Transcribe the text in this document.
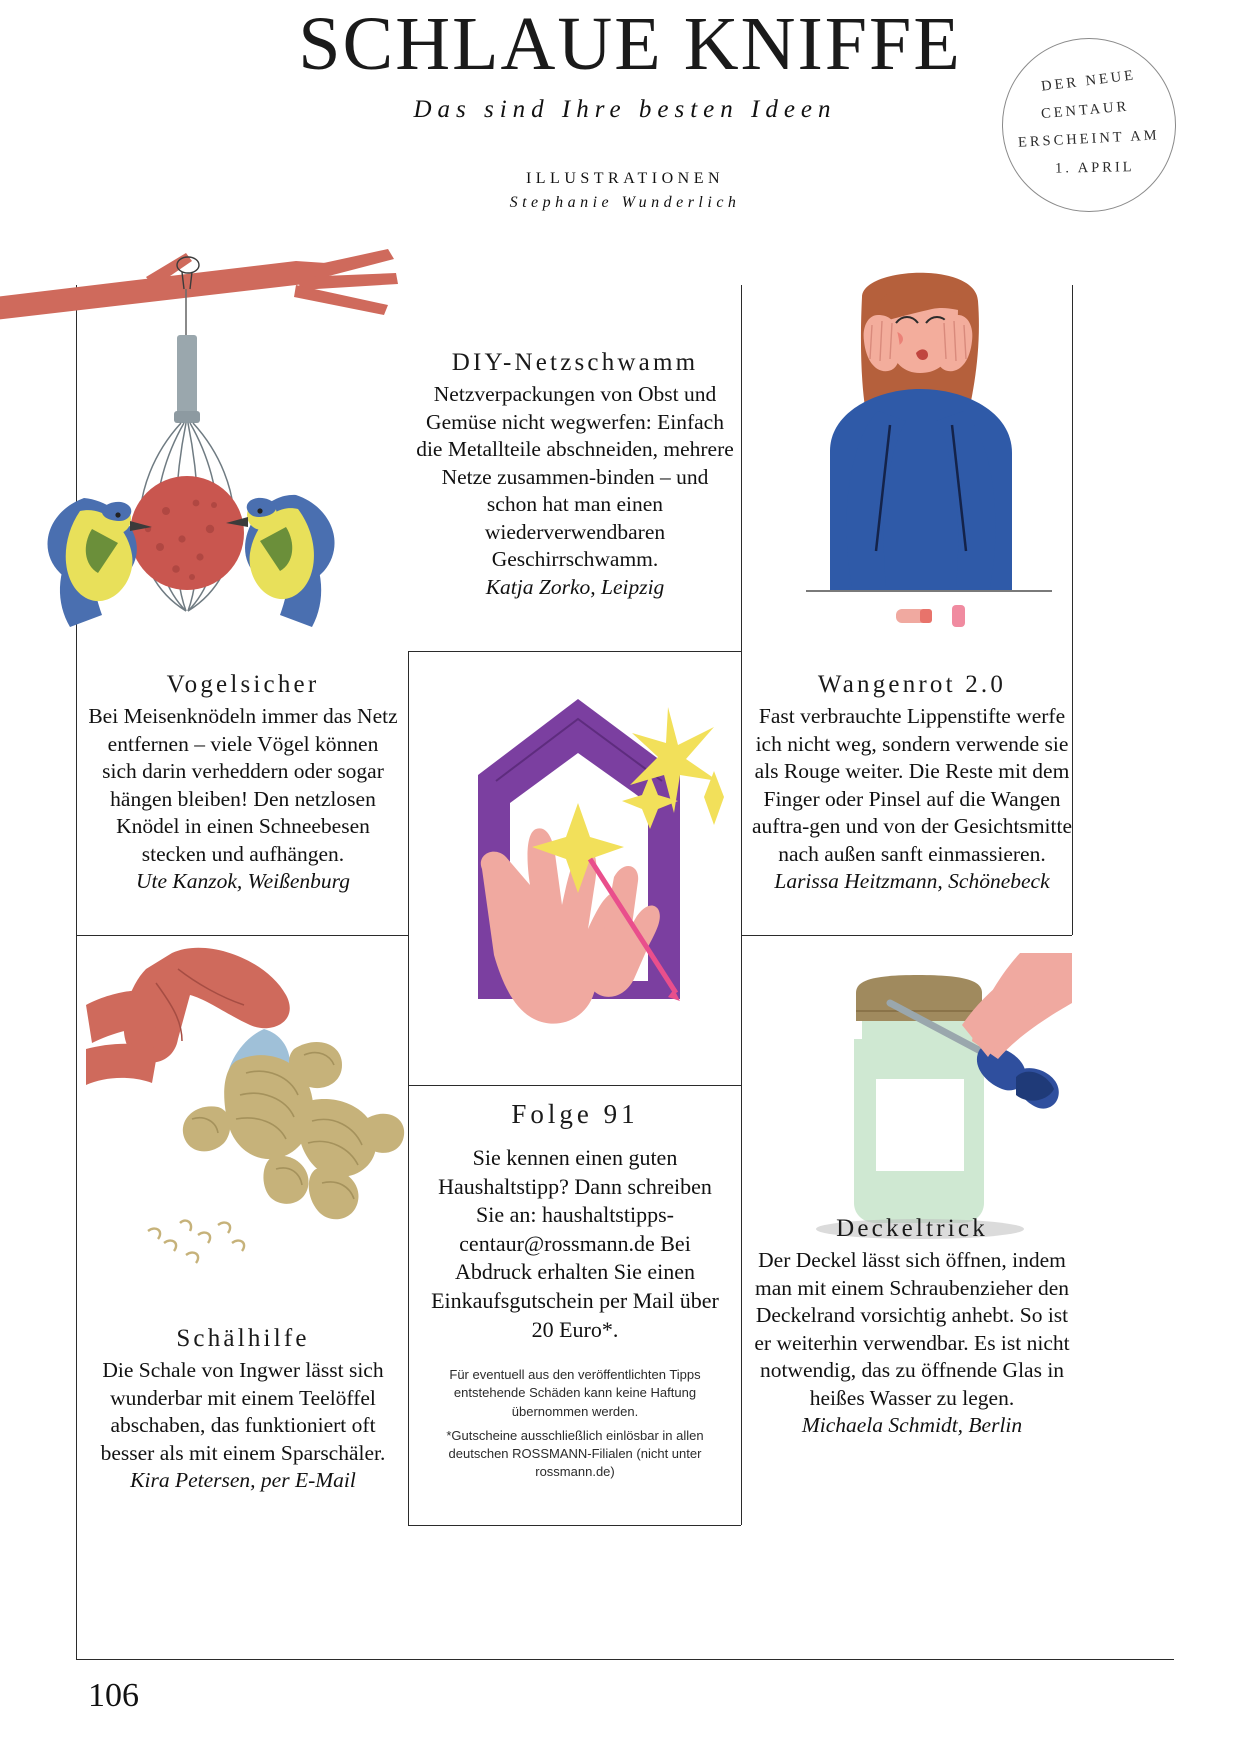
SCHLAUE KNIFFE
Das sind Ihre besten Ideen
ILLUSTRATIONEN
Stephanie Wunderlich
DER NEUE
CENTAUR
ERSCHEINT AM
1. APRIL
DIY-Netzschwamm
Netzverpackungen von Obst und Gemüse nicht wegwerfen: Einfach die Metallteile abschneiden, mehrere Netze zusammen-binden – und schon hat man einen wiederverwendbaren Geschirrschwamm.
Katja Zorko, Leipzig
Vogelsicher
Bei Meisenknödeln immer das Netz entfernen – viele Vögel können sich darin verheddern oder sogar hängen bleiben! Den netzlosen Knödel in einen Schneebesen stecken und aufhängen.
Ute Kanzok, Weißenburg
Wangenrot 2.0
Fast verbrauchte Lippenstifte werfe ich nicht weg, sondern verwende sie als Rouge weiter. Die Reste mit dem Finger oder Pinsel auf die Wangen auftra-gen und von der Gesichtsmitte nach außen sanft einmassieren.
Larissa Heitzmann, Schönebeck
Schälhilfe
Die Schale von Ingwer lässt sich wunderbar mit einem Teelöffel abschaben, das funktioniert oft besser als mit einem Sparschäler.
Kira Petersen, per E-Mail
Folge 91
Sie kennen einen guten Haushaltstipp? Dann schreiben Sie an: haushaltstipps-centaur@rossmann.de Bei Abdruck erhalten Sie einen Einkaufsgutschein per Mail über 20 Euro*.
Für eventuell aus den veröffentlichten Tipps entstehende Schäden kann keine Haftung übernommen werden.
*Gutscheine ausschließlich einlösbar in allen deutschen ROSSMANN-Filialen (nicht unter rossmann.de)
Deckeltrick
Der Deckel lässt sich öffnen, indem man mit einem Schraubenzieher den Deckelrand vorsichtig anhebt. So ist er weiterhin verwendbar. Es ist nicht notwendig, das zu öffnende Glas in heißes Wasser zu legen.
Michaela Schmidt, Berlin
106
